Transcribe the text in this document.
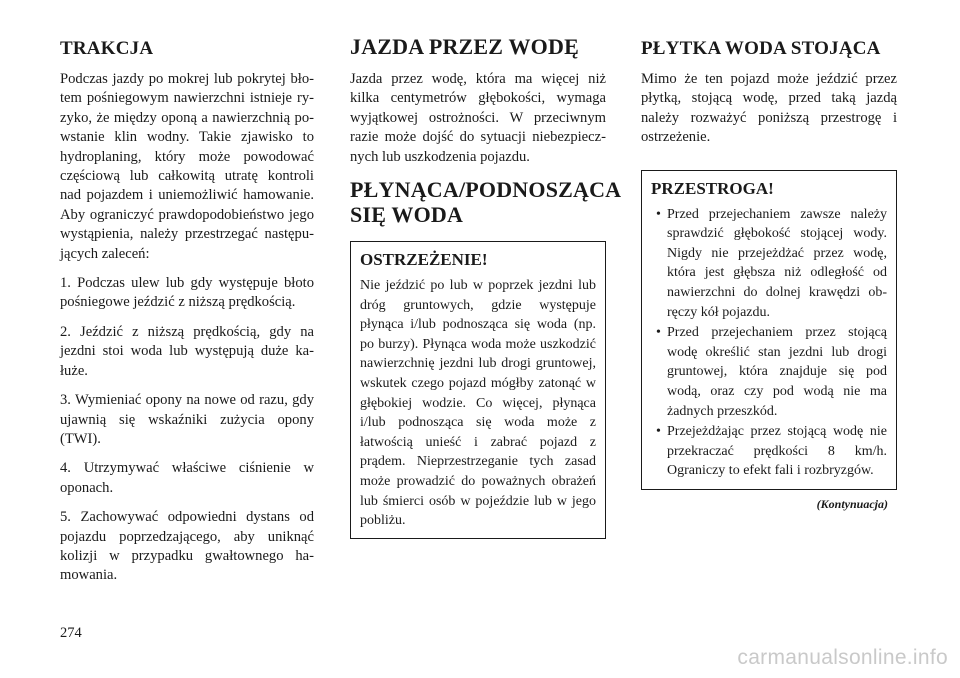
TRAKCJA

Podczas jazdy po mokrej lub pokrytej błotem pośniegowym nawierzchni istnieje ryzyko, że między oponą a nawierzchnią powstanie klin wodny. Takie zjawisko to hydroplaning, który może powodować częściową lub całkowitą utratę kontroli nad pojazdem i uniemożliwić hamowanie. Aby ograniczyć prawdopodobieństwo jego wystąpienia, należy przestrzegać następujących zaleceń:

1. Podczas ulew lub gdy występuje błoto pośniegowe jeździć z niższą prędkością.

2. Jeździć z niższą prędkością, gdy na jezdni stoi woda lub występują duże kałuże.

3. Wymieniać opony na nowe od razu, gdy ujawnią się wskaźniki zużycia opony (TWI).

4. Utrzymywać właściwe ciśnienie w oponach.

5. Zachowywać odpowiedni dystans od pojazdu poprzedzającego, aby uniknąć kolizji w przypadku gwałtownego hamowania.

JAZDA PRZEZ WODĘ

Jazda przez wodę, która ma więcej niż kilka centymetrów głębokości, wymaga wyjątkowej ostrożności. W przeciwnym razie może dojść do sytuacji niebezpiecznych lub uszkodzenia pojazdu.

PŁYNĄCA/PODNOSZĄCA SIĘ WODA
OSTRZEŻENIE!

Nie jeździć po lub w poprzek jezdni lub dróg gruntowych, gdzie występuje płynąca i/lub podnosząca się woda (np. po burzy). Płynąca woda może uszkodzić nawierzchnię jezdni lub drogi gruntowej, wskutek czego pojazd mógłby zatonąć w głębokiej wodzie. Co więcej, płynąca i/lub podnosząca się woda może z łatwością unieść i zabrać pojazd z prądem. Nieprzestrzeganie tych zasad może prowadzić do poważnych obrażeń lub śmierci osób w pojeździe lub w jego pobliżu.

PŁYTKA WODA STOJĄCA

Mimo że ten pojazd może jeździć przez płytką, stojącą wodę, przed taką jazdą należy rozważyć poniższą przestrogę i ostrzeżenie.

PRZESTROGA!
• Przed przejechaniem zawsze należy sprawdzić głębokość stojącej wody. Nigdy nie przejeżdżać przez wodę, która jest głębsza niż odległość od nawierzchni do dolnej krawędzi obręczy kół pojazdu.
• Przed przejechaniem przez stojącą wodę określić stan jezdni lub drogi gruntowej, która znajduje się pod wodą, oraz czy pod wodą nie ma żadnych przeszkód.
• Przejeżdżając przez stojącą wodę nie przekraczać prędkości 8 km/h. Ograniczy to efekt fali i rozbryzgów.
(Kontynuacja)
274
carmanualsonline.info
